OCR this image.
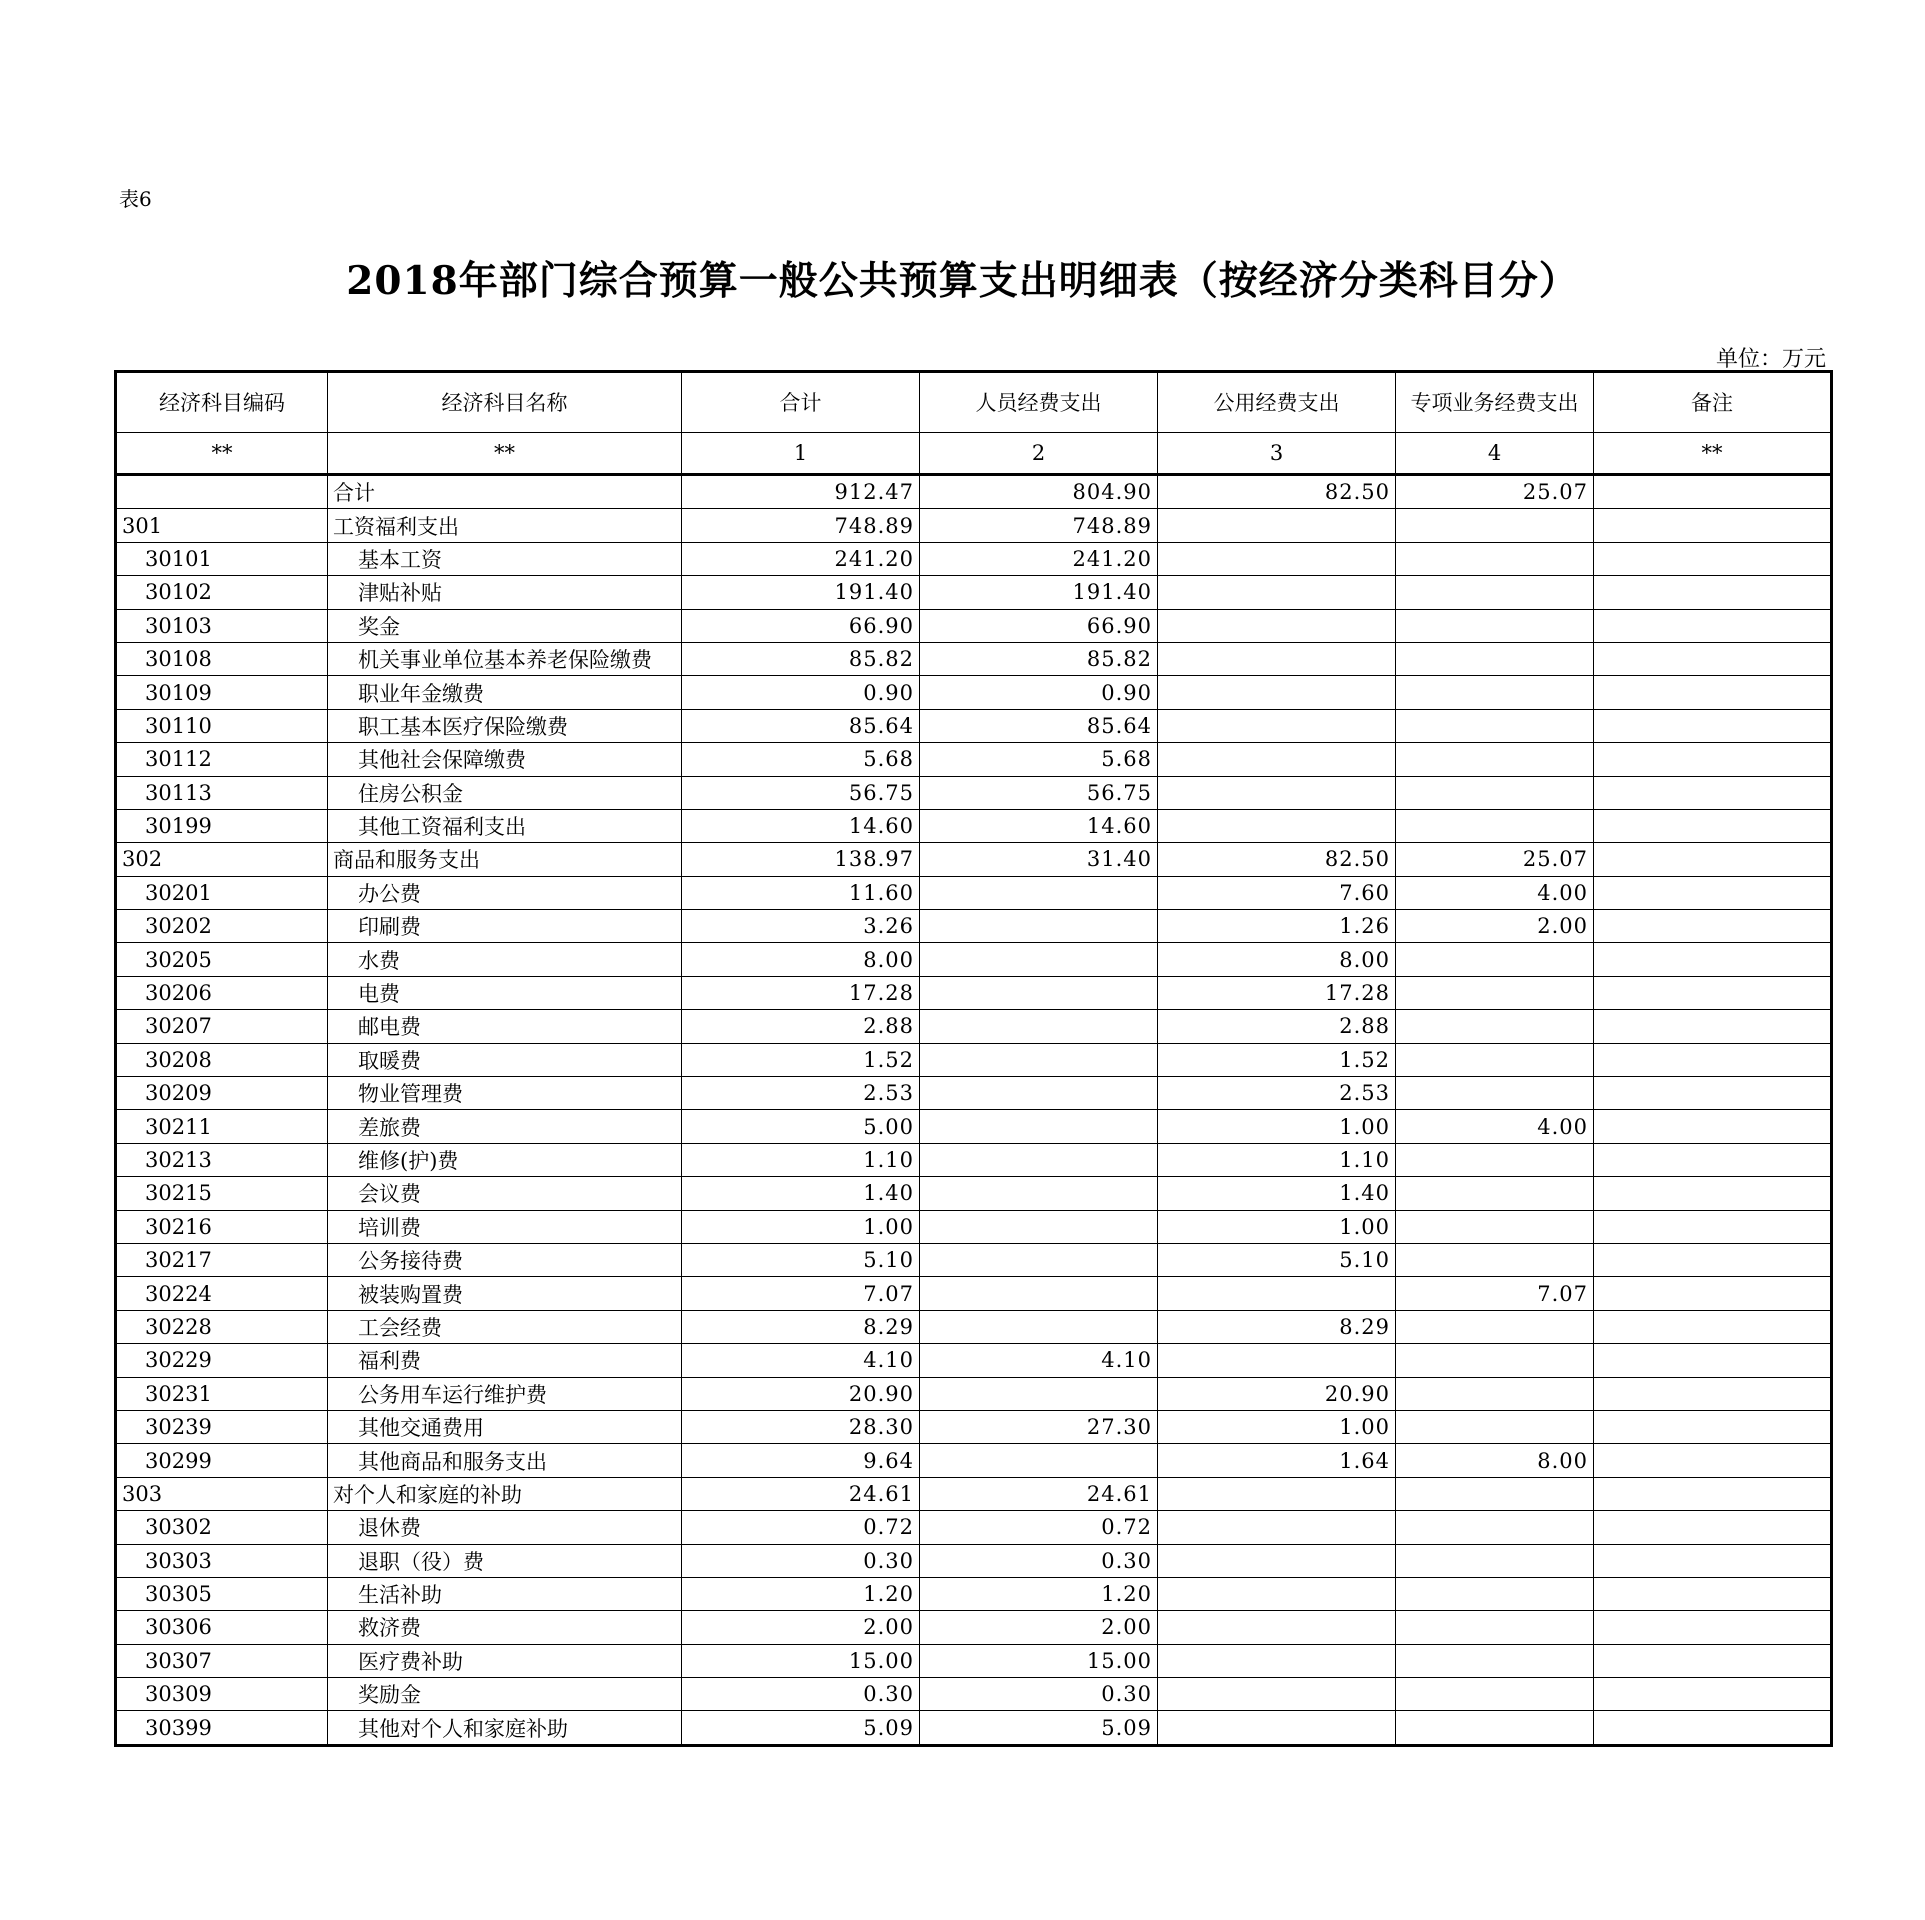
表6
2018年部门综合预算一般公共预算支出明细表（按经济分类科目分）
单位：万元
经济科目编码	经济科目名称	合计	人员经费支出	公用经费支出	专项业务经费支出	备注
**	**	1	2	3	4	**
	合计	912.47	804.90	82.50	25.07	
301	工资福利支出	748.89	748.89			
30101	基本工资	241.20	241.20			
30102	津贴补贴	191.40	191.40			
30103	奖金	66.90	66.90			
30108	机关事业单位基本养老保险缴费	85.82	85.82			
30109	职业年金缴费	0.90	0.90			
30110	职工基本医疗保险缴费	85.64	85.64			
30112	其他社会保障缴费	5.68	5.68			
30113	住房公积金	56.75	56.75			
30199	其他工资福利支出	14.60	14.60			
302	商品和服务支出	138.97	31.40	82.50	25.07	
30201	办公费	11.60		7.60	4.00	
30202	印刷费	3.26		1.26	2.00	
30205	水费	8.00		8.00		
30206	电费	17.28		17.28		
30207	邮电费	2.88		2.88		
30208	取暖费	1.52		1.52		
30209	物业管理费	2.53		2.53		
30211	差旅费	5.00		1.00	4.00	
30213	维修(护)费	1.10		1.10		
30215	会议费	1.40		1.40		
30216	培训费	1.00		1.00		
30217	公务接待费	5.10		5.10		
30224	被装购置费	7.07			7.07	
30228	工会经费	8.29		8.29		
30229	福利费	4.10	4.10			
30231	公务用车运行维护费	20.90		20.90		
30239	其他交通费用	28.30	27.30	1.00		
30299	其他商品和服务支出	9.64		1.64	8.00	
303	对个人和家庭的补助	24.61	24.61			
30302	退休费	0.72	0.72			
30303	退职（役）费	0.30	0.30			
30305	生活补助	1.20	1.20			
30306	救济费	2.00	2.00			
30307	医疗费补助	15.00	15.00			
30309	奖励金	0.30	0.30			
30399	其他对个人和家庭补助	5.09	5.09			
